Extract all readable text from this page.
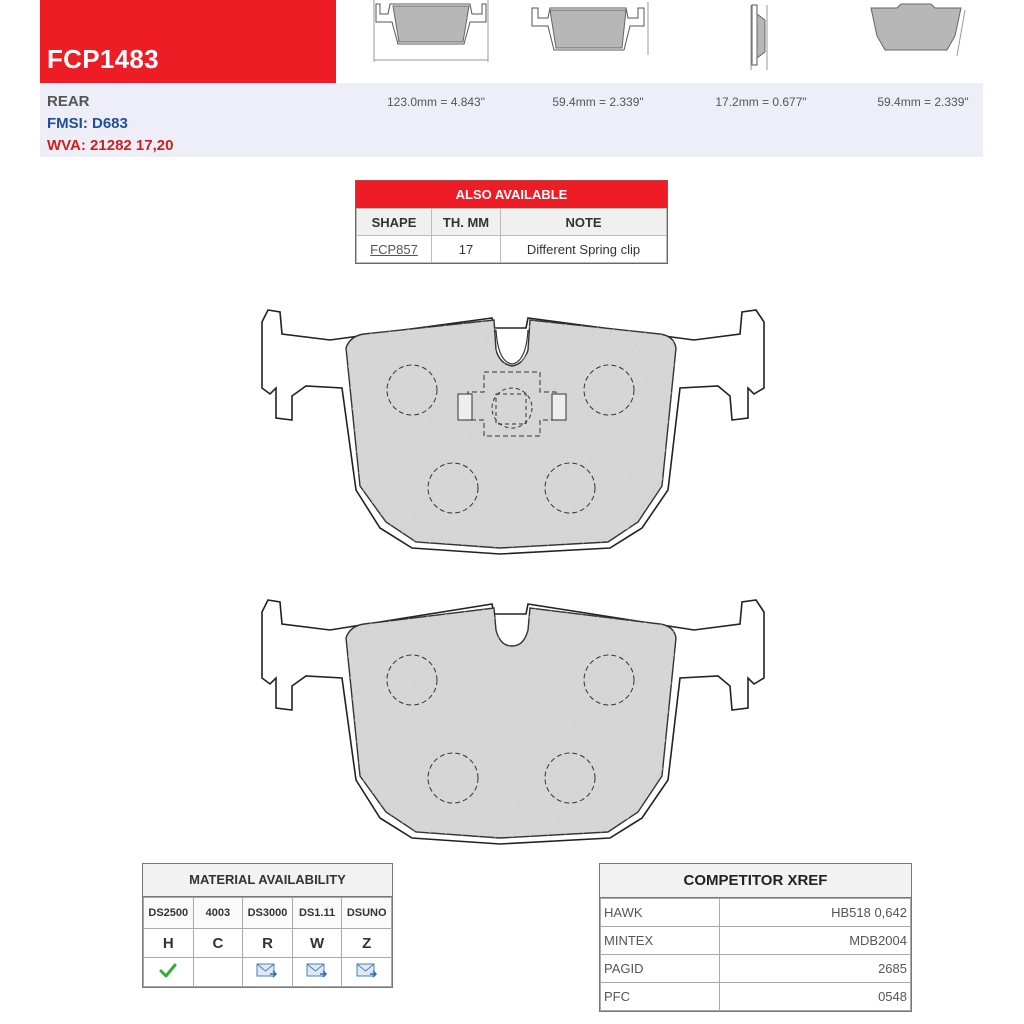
FCP1483
REAR
FMSI: D683
WVA: 21282 17,20
123.0mm = 4.843"	59.4mm = 2.339"	17.2mm = 0.677"	59.4mm = 2.339"
ALSO AVAILABLE
SHAPE	TH. MM	NOTE
FCP857	17	Different Spring clip
MATERIAL AVAILABILITY
DS2500	4003	DS3000	DS1.11	DSUNO
H	C	R	W	Z

COMPETITOR XREF
HAWK	HB518 0,642
MINTEX	MDB2004
PAGID	2685
PFC	0548
